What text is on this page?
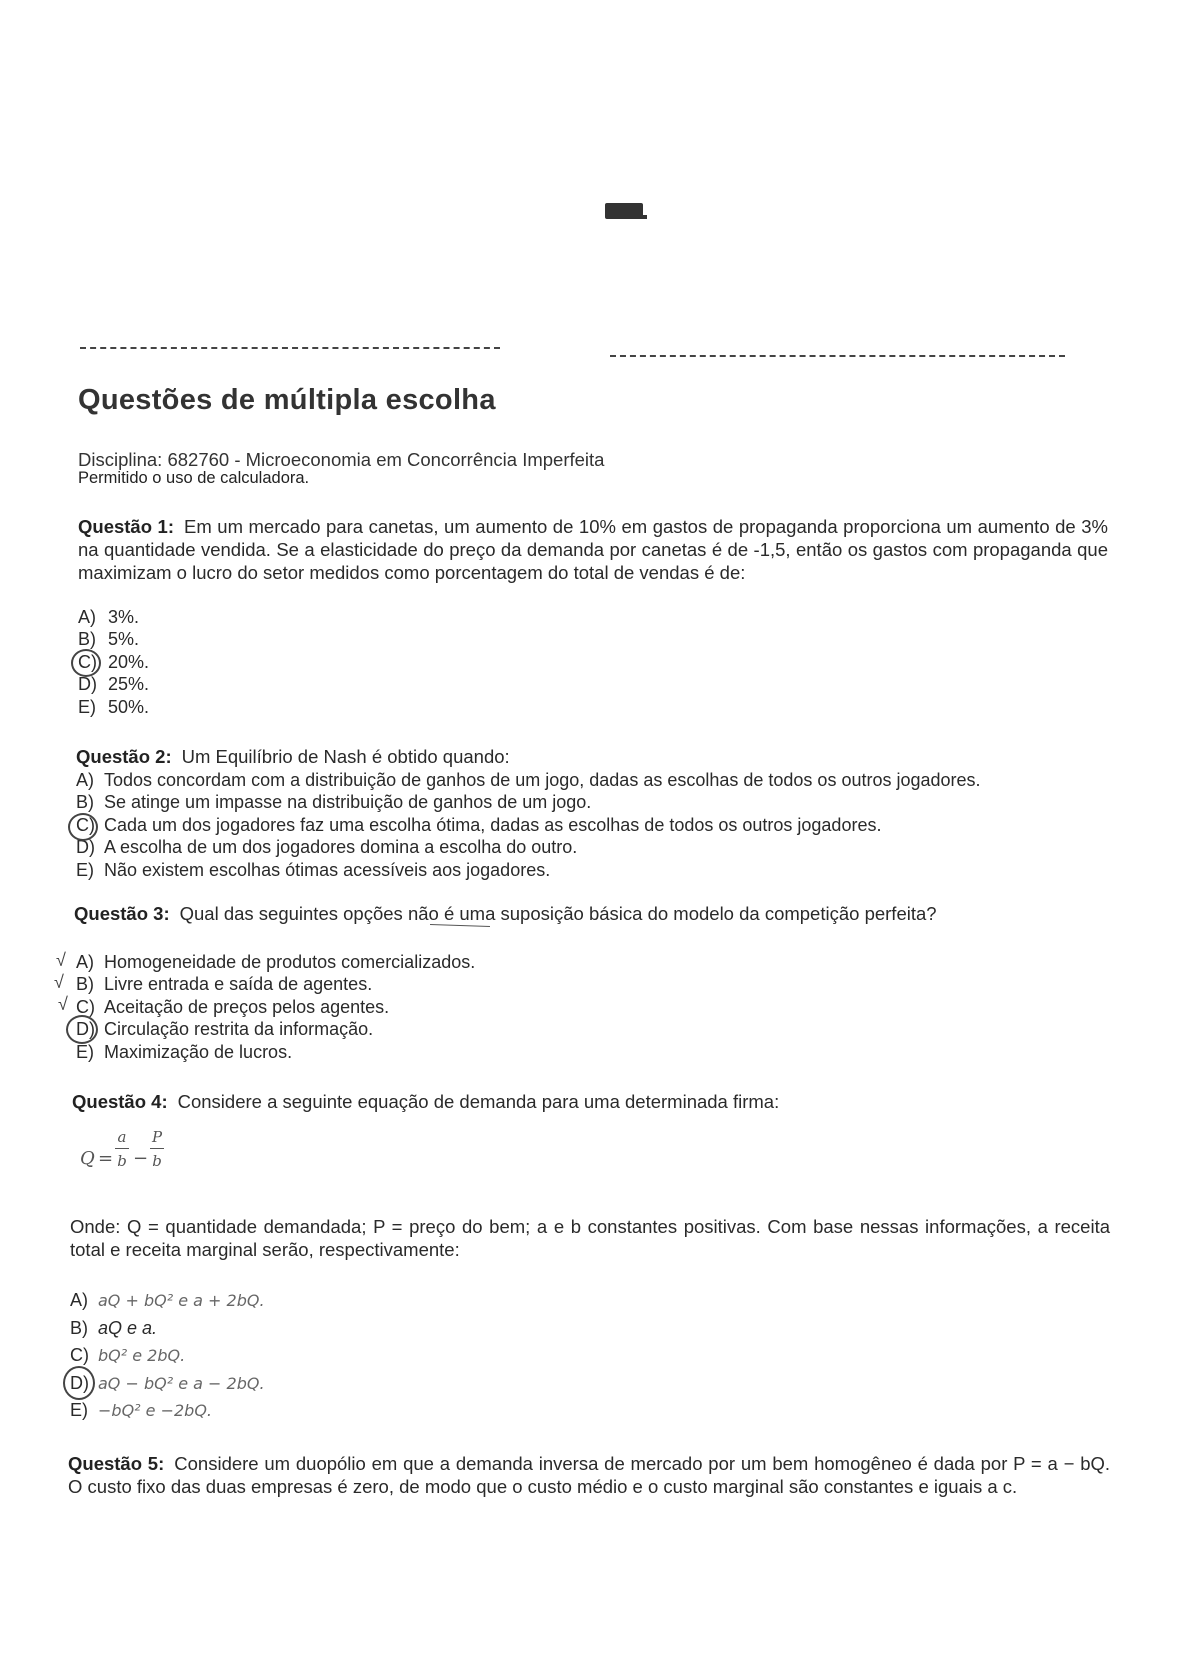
Questões de múltipla escolha
Disciplina: 682760 - Microeconomia em Concorrência Imperfeita
Permitido o uso de calculadora.
Questão 1: Em um mercado para canetas, um aumento de 10% em gastos de propaganda proporciona um aumento de 3% na quantidade vendida. Se a elasticidade do preço da demanda por canetas é de -1,5, então os gastos com propaganda que maximizam o lucro do setor medidos como porcentagem do total de vendas é de:
A) 3%.
B) 5%.
C) 20%.
D) 25%.
E) 50%.
Questão 2: Um Equilíbrio de Nash é obtido quando:
A) Todos concordam com a distribuição de ganhos de um jogo, dadas as escolhas de todos os outros jogadores.
B) Se atinge um impasse na distribuição de ganhos de um jogo.
C) Cada um dos jogadores faz uma escolha ótima, dadas as escolhas de todos os outros jogadores.
D) A escolha de um dos jogadores domina a escolha do outro.
E) Não existem escolhas ótimas acessíveis aos jogadores.
Questão 3: Qual das seguintes opções não é uma suposição básica do modelo da competição perfeita?
A) Homogeneidade de produtos comercializados.
B) Livre entrada e saída de agentes.
C) Aceitação de preços pelos agentes.
D) Circulação restrita da informação.
E) Maximização de lucros.
√
√
√
Questão 4: Considere a seguinte equação de demanda para uma determinada firma:
$Q = \frac{a}{b} - \frac{P}{b}$
Onde: Q = quantidade demandada; P = preço do bem; a e b constantes positivas. Com base nessas informações, a receita total e receita marginal serão, respectivamente:
A) aQ + bQ² e a + 2bQ.
B) aQ e a.
C) bQ² e 2bQ.
D) aQ − bQ² e a − 2bQ.
E) −bQ² e −2bQ.
Questão 5: Considere um duopólio em que a demanda inversa de mercado por um bem homogêneo é dada por P = a − bQ. O custo fixo das duas empresas é zero, de modo que o custo médio e o custo marginal são constantes e iguais a c.
